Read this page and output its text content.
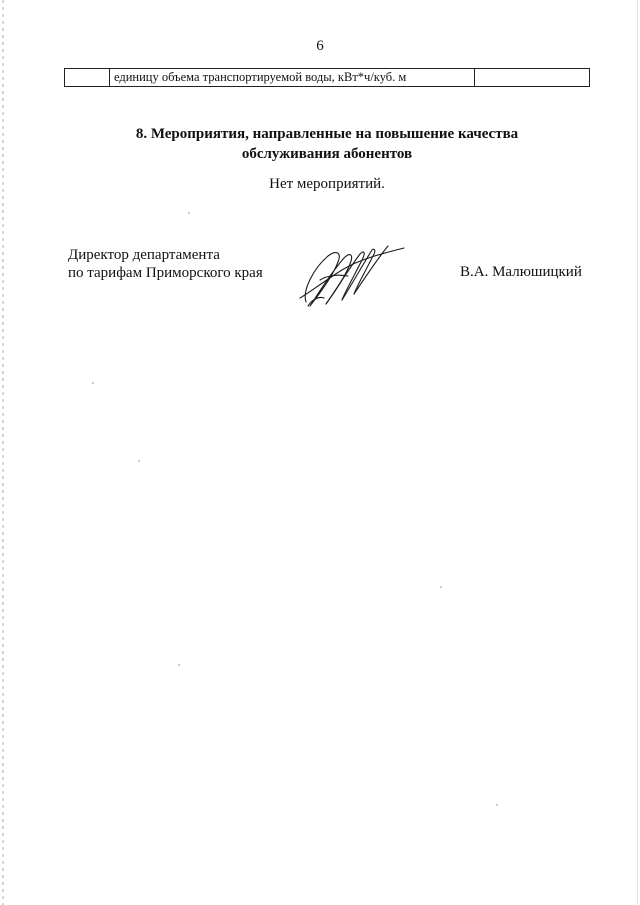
6
	единицу объема транспортируемой воды, кВт*ч/куб. м	
8. Мероприятия, направленные на повышение качества
обслуживания абонентов
Нет мероприятий.
Директор департамента
по тарифам Приморского края	В.А. Малюшицкий
